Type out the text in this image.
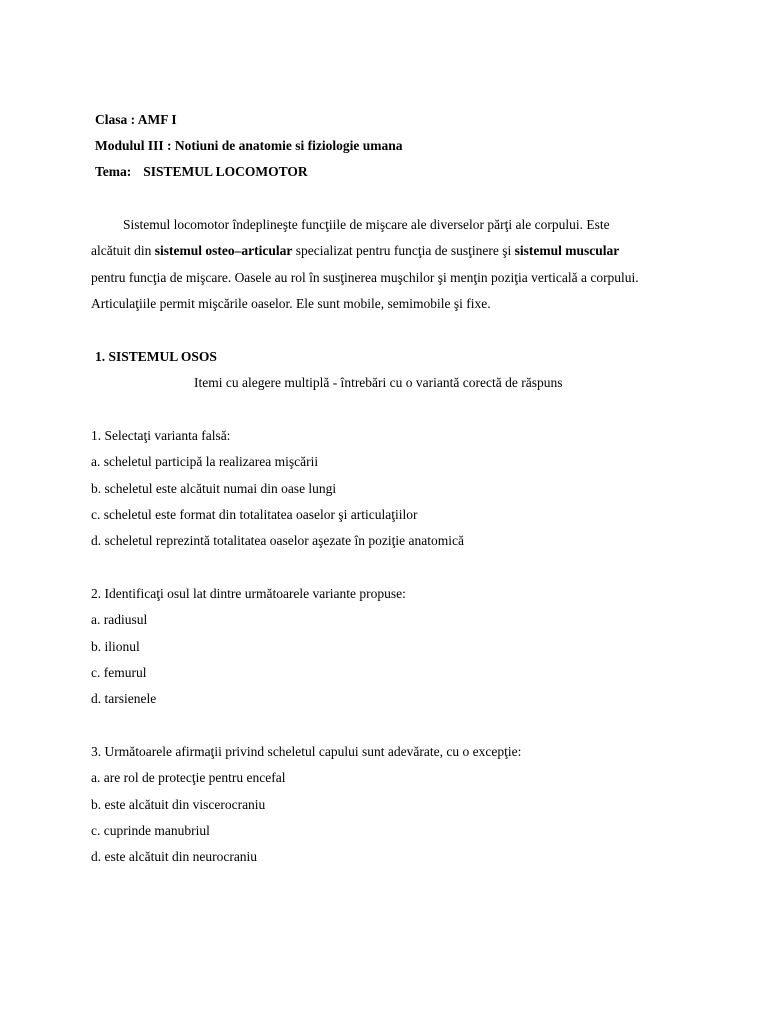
Clasa : AMF I
Modulul III : Notiuni de anatomie si fiziologie umana
Tema: SISTEMUL LOCOMOTOR
Sistemul locomotor îndeplineşte funcţiile de mişcare ale diverselor părţi ale corpului. Este
alcătuit din sistemul osteo–articular specializat pentru funcţia de susţinere şi sistemul muscular
pentru funcţia de mişcare. Oasele au rol în susţinerea muşchilor şi menţin poziţia verticală a corpului.
Articulaţiile permit mişcările oaselor. Ele sunt mobile, semimobile şi fixe.
1. SISTEMUL OSOS
Itemi cu alegere multiplă - întrebări cu o variantă corectă de răspuns
1. Selectaţi varianta falsă:
a. scheletul participă la realizarea mişcării
b. scheletul este alcătuit numai din oase lungi
c. scheletul este format din totalitatea oaselor şi articulaţiilor
d. scheletul reprezintă totalitatea oaselor aşezate în poziţie anatomică
2. Identificaţi osul lat dintre următoarele variante propuse:
a. radiusul
b. ilionul
c. femurul
d. tarsienele
3. Următoarele afirmaţii privind scheletul capului sunt adevărate, cu o excepţie:
a. are rol de protecţie pentru encefal
b. este alcătuit din viscerocraniu
c. cuprinde manubriul
d. este alcătuit din neurocraniu
